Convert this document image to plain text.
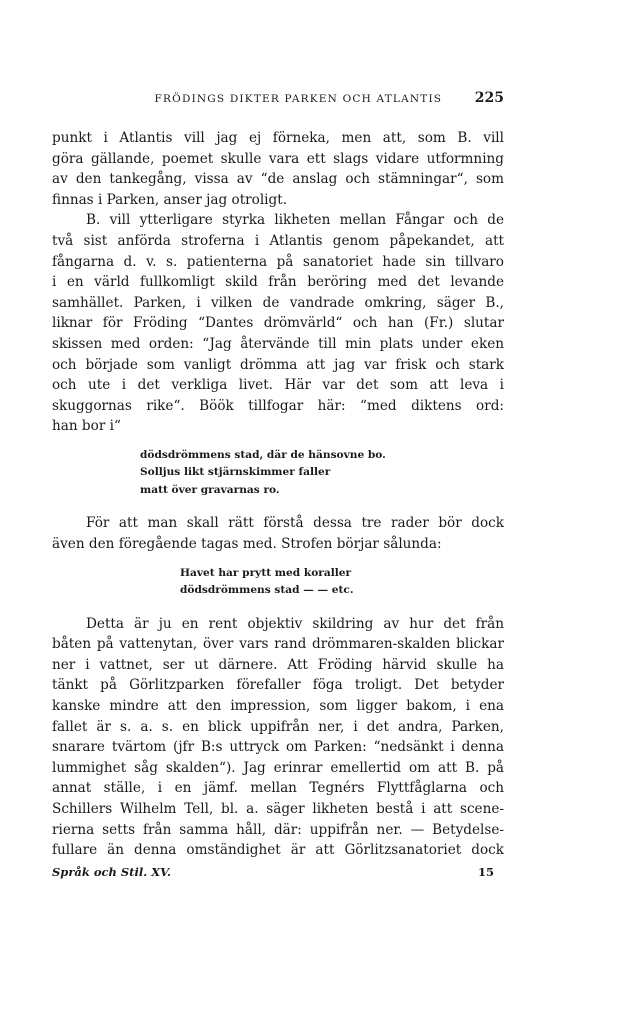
FRÖDINGS DIKTER PARKEN OCH ATLANTIS	225
punkt i Atlantis vill jag ej förneka, men att, som B. vill
göra gällande, poemet skulle vara ett slags vidare utformning
av den tankegång, vissa av “de anslag och stämningar“, som
finnas i Parken, anser jag otroligt.
B. vill ytterligare styrka likheten mellan Fångar och de
två sist anförda stroferna i Atlantis genom påpekandet, att
fångarna d. v. s. patienterna på sanatoriet hade sin tillvaro
i en värld fullkomligt skild från beröring med det levande
samhället. Parken, i vilken de vandrade omkring, säger B.,
liknar för Fröding “Dantes drömvärld“ och han (Fr.) slutar
skissen med orden: “Jag återvände till min plats under eken
och började som vanligt drömma att jag var frisk och stark
och ute i det verkliga livet. Här var det som att leva i
skuggornas rike“. Böök tillfogar här: “med diktens ord:
han bor i“
dödsdrömmens stad, där de hänsovne bo.
Solljus likt stjärnskimmer faller
matt över gravarnas ro.
För att man skall rätt förstå dessa tre rader bör dock
även den föregående tagas med. Strofen börjar sålunda:
Havet har prytt med koraller
dödsdrömmens stad — — etc.
Detta är ju en rent objektiv skildring av hur det från
båten på vattenytan, över vars rand drömmaren-skalden blickar
ner i vattnet, ser ut därnere. Att Fröding härvid skulle ha
tänkt på Görlitzparken förefaller föga troligt. Det betyder
kanske mindre att den impression, som ligger bakom, i ena
fallet är s. a. s. en blick uppifrån ner, i det andra, Parken,
snarare tvärtom (jfr B:s uttryck om Parken: “nedsänkt i denna
lummighet såg skalden“). Jag erinrar emellertid om att B. på
annat ställe, i en jämf. mellan Tegnérs Flyttfåglarna och
Schillers Wilhelm Tell, bl. a. säger likheten bestå i att scene-
rierna setts från samma håll, där: uppifrån ner. — Betydelse-
fullare än denna omständighet är att Görlitzsanatoriet dock
Språk och Stil. XV.	15
